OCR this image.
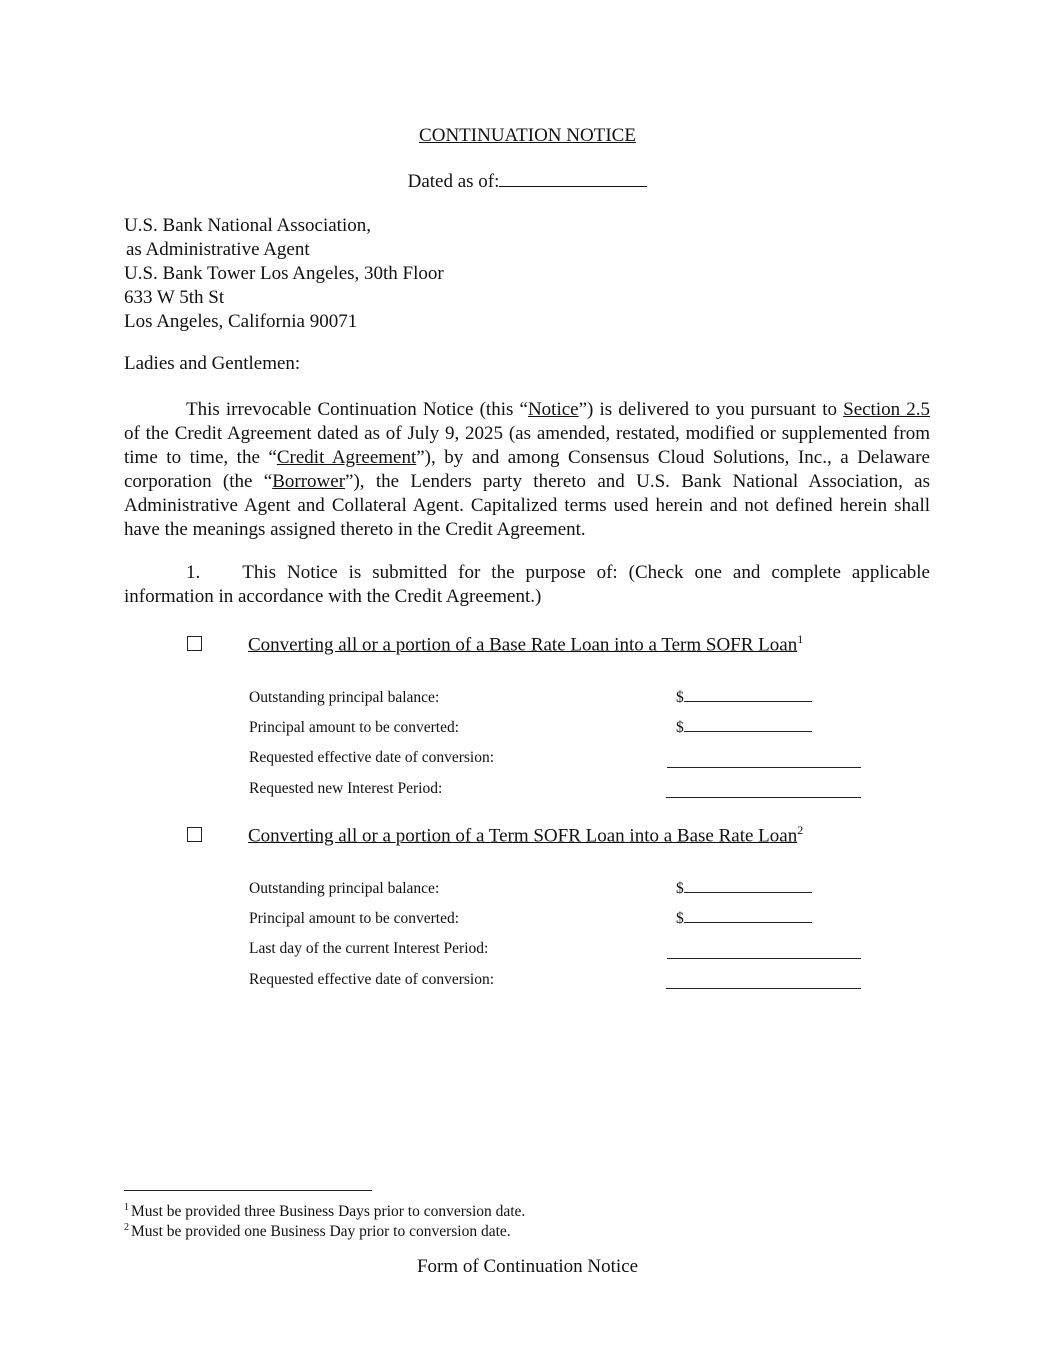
CONTINUATION NOTICE
Dated as of:
U.S. Bank National Association,
as Administrative Agent
U.S. Bank Tower Los Angeles, 30th Floor
633 W 5th St
Los Angeles, California 90071
Ladies and Gentlemen:
This irrevocable Continuation Notice (this “Notice”) is delivered to you pursuant to Section 2.5 of the Credit Agreement dated as of July 9, 2025 (as amended, restated, modified or supplemented from time to time, the “Credit Agreement”), by and among Consensus Cloud Solutions, Inc., a Delaware corporation (the “Borrower”), the Lenders party thereto and U.S. Bank National Association, as Administrative Agent and Collateral Agent. Capitalized terms used herein and not defined herein shall have the meanings assigned thereto in the Credit Agreement.
1. This Notice is submitted for the purpose of: (Check one and complete applicable information in accordance with the Credit Agreement.)
Converting all or a portion of a Base Rate Loan into a Term SOFR Loan$^1$
Outstanding principal balance:	$
Principal amount to be converted:	$
Requested effective date of conversion:
Requested new Interest Period:
Converting all or a portion of a Term SOFR Loan into a Base Rate Loan$^2$
Outstanding principal balance:	$
Principal amount to be converted:	$
Last day of the current Interest Period:
Requested effective date of conversion:
$^1$ Must be provided three Business Days prior to conversion date.
$^2$ Must be provided one Business Day prior to conversion date.
Form of Continuation Notice
